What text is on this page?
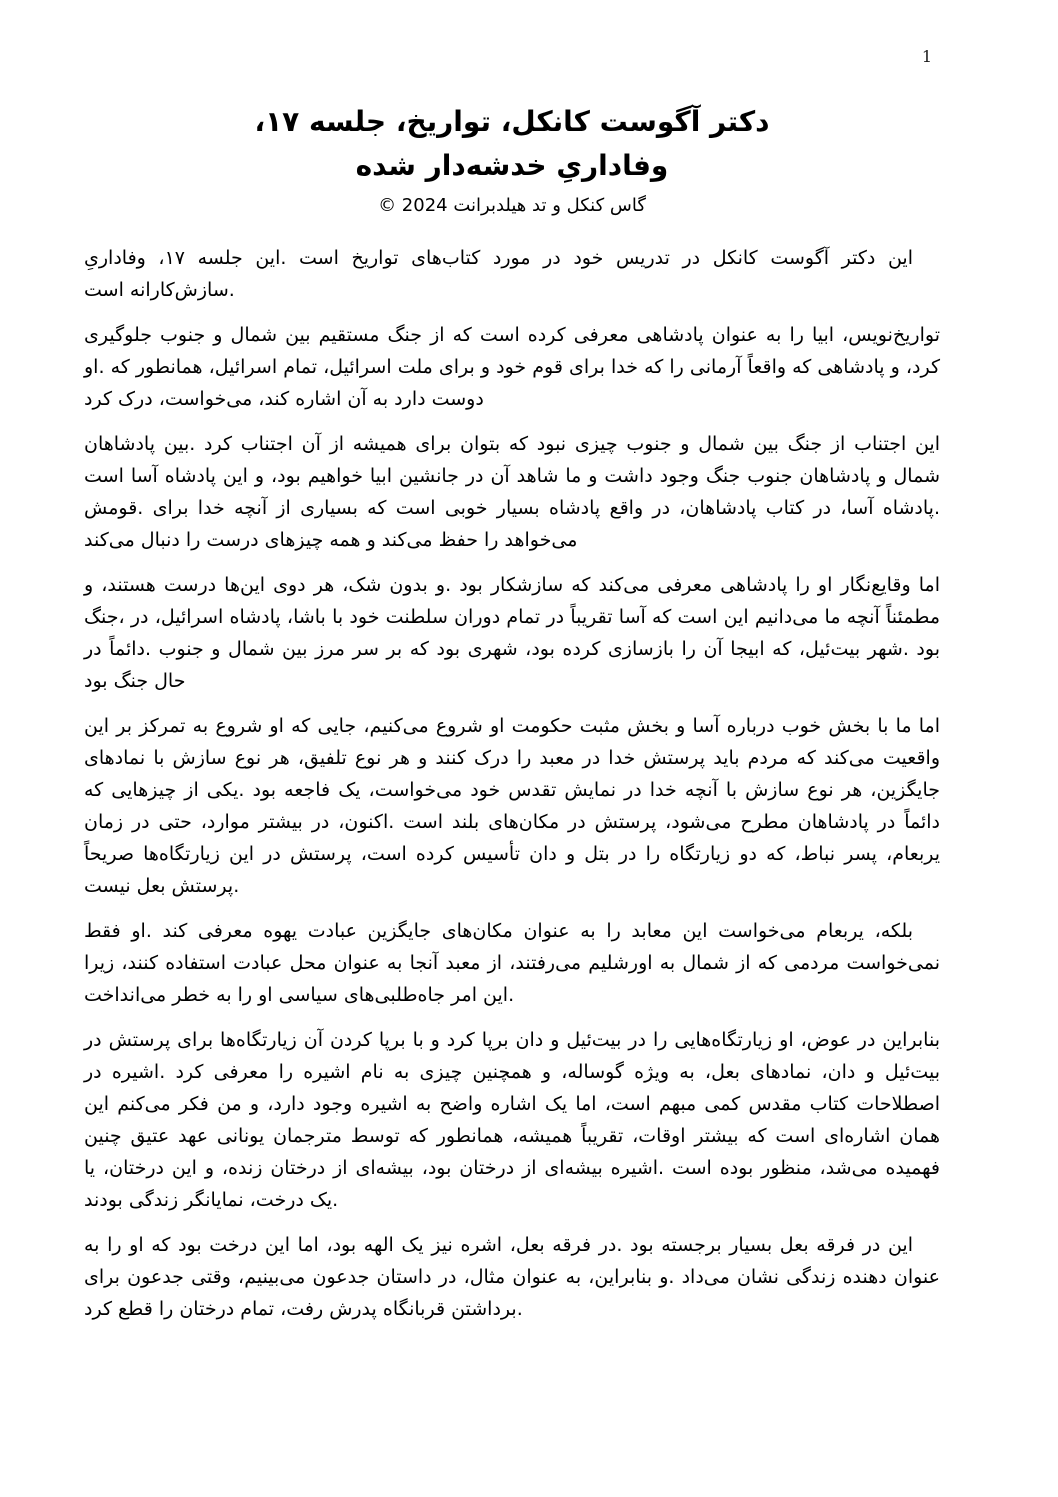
1
دکتر آگوست کانکل، تواریخ، جلسه ۱۷،
وفاداریِ خدشه‌دار شده
گاس کنکل و تد هیلدبرانت 2024 ©

این دکتر آگوست کانکل در تدریس خود در مورد کتاب‌های تواریخ است .این جلسه ۱۷، وفاداریِ .سازش‌کارانه است

تواریخ‌نویس، ابیا را به عنوان پادشاهی معرفی کرده است که از جنگ مستقیم بین شمال و جنوب جلوگیری کرد، و پادشاهی که واقعاً آرمانی را که خدا برای قوم خود و برای ملت اسرائیل، تمام اسرائیل، همانطور که .او دوست دارد به آن اشاره کند، می‌خواست، درک کرد

این اجتناب از جنگ بین شمال و جنوب چیزی نبود که بتوان برای همیشه از آن اجتناب کرد .بین پادشاهان شمال و پادشاهان جنوب جنگ وجود داشت و ما شاهد آن در جانشین ابیا خواهیم بود، و این پادشاه آسا است .پادشاه آسا، در کتاب پادشاهان، در واقع پادشاه بسیار خوبی است که بسیاری از آنچه خدا برای .قومش می‌خواهد را حفظ می‌کند و همه چیزهای درست را دنبال می‌کند

اما وقایع‌نگار او را پادشاهی معرفی می‌کند که سازشکار بود .و بدون شک، هر دوی این‌ها درست هستند، و مطمئناً آنچه ما می‌دانیم این است که آسا تقریباً در تمام دوران سلطنت خود با باشا، پادشاه اسرائیل، در ،جنگ بود .شهر بیت‌ئیل، که ابیجا آن را بازسازی کرده بود، شهری بود که بر سر مرز بین شمال و جنوب .دائماً در حال جنگ بود

اما ما با بخش خوب درباره آسا و بخش مثبت حکومت او شروع می‌کنیم، جایی که او شروع به تمرکز بر این واقعیت می‌کند که مردم باید پرستش خدا در معبد را درک کنند و هر نوع تلفیق، هر نوع سازش با نمادهای جایگزین، هر نوع سازش با آنچه خدا در نمایش تقدس خود می‌خواست، یک فاجعه بود .یکی از چیزهایی که دائماً در پادشاهان مطرح می‌شود، پرستش در مکان‌های بلند است .اکنون، در بیشتر موارد، حتی در زمان یربعام، پسر نباط، که دو زیارتگاه را در بتل و دان تأسیس کرده است، پرستش در این زیارتگاه‌ها صریحاً .پرستش بعل نیست

بلکه، یربعام می‌خواست این معابد را به عنوان مکان‌های جایگزین عبادت یهوه معرفی کند .او فقط نمی‌خواست مردمی که از شمال به اورشلیم می‌رفتند، از معبد آنجا به عنوان محل عبادت استفاده کنند، زیرا .این امر جاه‌طلبی‌های سیاسی او را به خطر می‌انداخت

بنابراین در عوض، او زیارتگاه‌هایی را در بیت‌ئیل و دان برپا کرد و با برپا کردن آن زیارتگاه‌ها برای پرستش در بیت‌ئیل و دان، نمادهای بعل، به ویژه گوساله، و همچنین چیزی به نام اشیره را معرفی کرد .اشیره در اصطلاحات کتاب مقدس کمی مبهم است، اما یک اشاره واضح به اشیره وجود دارد، و من فکر می‌کنم این همان اشاره‌ای است که بیشتر اوقات، تقریباً همیشه، همانطور که توسط مترجمان یونانی عهد عتیق چنین فهمیده می‌شد، منظور بوده است .اشیره بیشه‌ای از درختان بود، بیشه‌ای از درختان زنده، و این درختان، یا .یک درخت، نمایانگر زندگی بودند

این در فرقه بعل بسیار برجسته بود .در فرقه بعل، اشره نیز یک الهه بود، اما این درخت بود که او را به عنوان دهنده زندگی نشان می‌داد .و بنابراین، به عنوان مثال، در داستان جدعون می‌بینیم، وقتی جدعون برای .برداشتن قربانگاه پدرش رفت، تمام درختان را قطع کرد
